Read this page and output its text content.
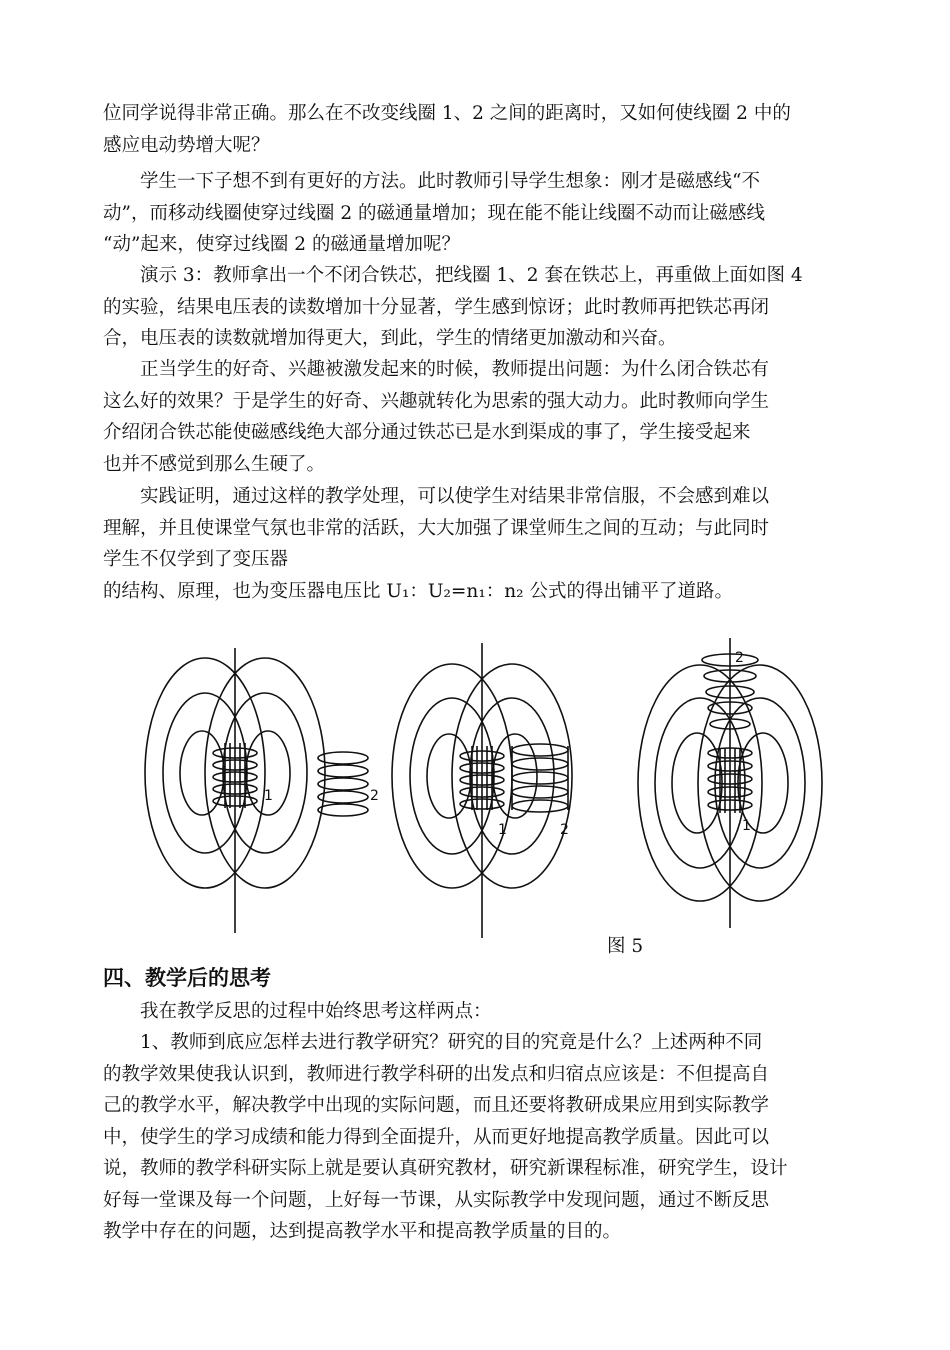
位同学说得非常正确。那么在不改变线圈 1、2 之间的距离时，又如何使线圈 2 中的
感应电动势增大呢？

　　学生一下子想不到有更好的方法。此时教师引导学生想象：刚才是磁感线“不
动”，而移动线圈使穿过线圈 2 的磁通量增加；现在能不能让线圈不动而让磁感线
“动”起来，使穿过线圈 2 的磁通量增加呢？

　　演示 3：教师拿出一个不闭合铁芯，把线圈 1、2 套在铁芯上，再重做上面如图 4
的实验，结果电压表的读数增加十分显著，学生感到惊讶；此时教师再把铁芯再闭
合，电压表的读数就增加得更大，到此，学生的情绪更加激动和兴奋。

　　正当学生的好奇、兴趣被激发起来的时候，教师提出问题：为什么闭合铁芯有
这么好的效果？于是学生的好奇、兴趣就转化为思索的强大动力。此时教师向学生
介绍闭合铁芯能使磁感线绝大部分通过铁芯已是水到渠成的事了，学生接受起来
也并不感觉到那么生硬了。

　　实践证明，通过这样的教学处理，可以使学生对结果非常信服，不会感到难以
理解，并且使课堂气氛也非常的活跃，大大加强了课堂师生之间的互动；与此同时
学生不仅学到了变压器
的结构、原理，也为变压器电压比 U₁：U₂=n₁：n₂ 公式的得出铺平了道路。

1	2
1	2
2
1
图 5
四、教学后的思考

　　我在教学反思的过程中始终思考这样两点：

　　1、教师到底应怎样去进行教学研究？研究的目的究竟是什么？上述两种不同
的教学效果使我认识到，教师进行教学科研的出发点和归宿点应该是：不但提高自
己的教学水平，解决教学中出现的实际问题，而且还要将教研成果应用到实际教学
中，使学生的学习成绩和能力得到全面提升，从而更好地提高教学质量。因此可以
说，教师的教学科研实际上就是要认真研究教材，研究新课程标准，研究学生，设计
好每一堂课及每一个问题，上好每一节课，从实际教学中发现问题，通过不断反思
教学中存在的问题，达到提高教学水平和提高教学质量的目的。
